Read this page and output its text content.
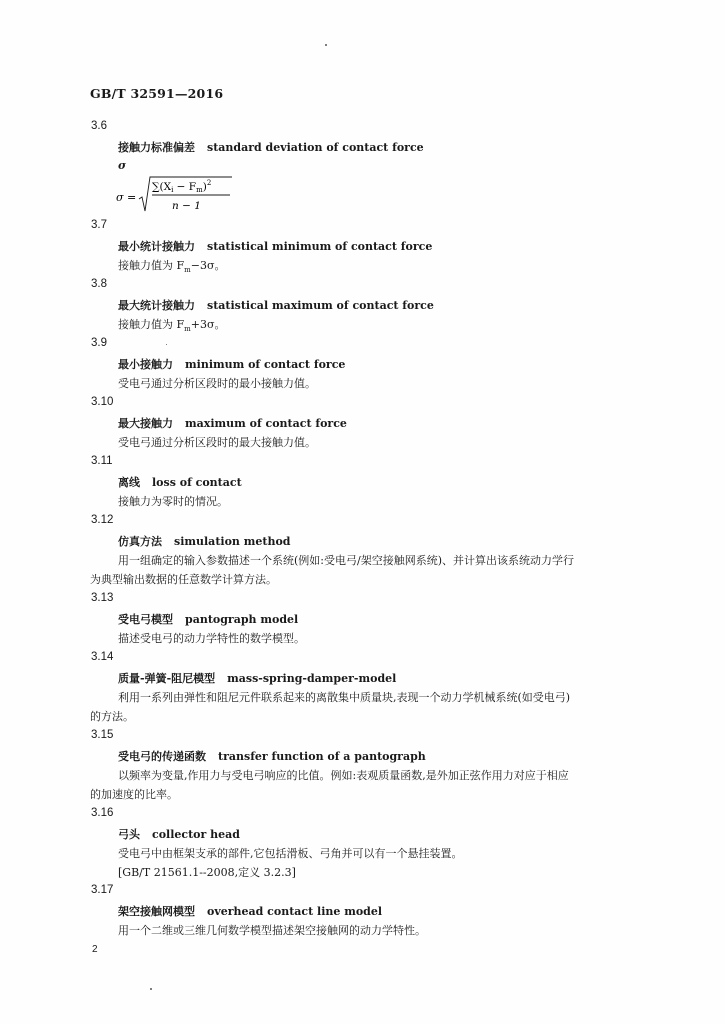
GB/T 32591—2016
3.6
接触力标准偏差 standard deviation of contact force
σ
σ =
$\sum(Xi - Fm)^2$
n − 1
3.7
最小统计接触力 statistical minimum of contact force
接触力值为 $F_m-3\sigma$。
3.8
最大统计接触力 statistical maximum of contact force
接触力值为 $F_m+3\sigma$。
3.9
最小接触力 minimum of contact force
受电弓通过分析区段时的最小接触力值。
3.10
最大接触力 maximum of contact force
受电弓通过分析区段时的最大接触力值。
3.11
离线 loss of contact
接触力为零时的情况。
3.12
仿真方法 simulation method
用一组确定的输入参数描述一个系统(例如:受电弓/架空接触网系统)、并计算出该系统动力学行
为典型输出数据的任意数学计算方法。
3.13
受电弓模型 pantograph model
描述受电弓的动力学特性的数学模型。
3.14
质量-弹簧-阻尼模型 mass-spring-damper-model
利用一系列由弹性和阻尼元件联系起来的离散集中质量块,表现一个动力学机械系统(如受电弓)
的方法。
3.15
受电弓的传递函数 transfer function of a pantograph
以频率为变量,作用力与受电弓响应的比值。例如:表观质量函数,是外加正弦作用力对应于相应
的加速度的比率。
3.16
弓头 collector head
受电弓中由框架支承的部件,它包括滑板、弓角并可以有一个悬挂装置。
[GB/T 21561.1--2008,定义 3.2.3]
3.17
架空接触网模型 overhead contact line model
用一个二维或三维几何数学模型描述架空接触网的动力学特性。
2
